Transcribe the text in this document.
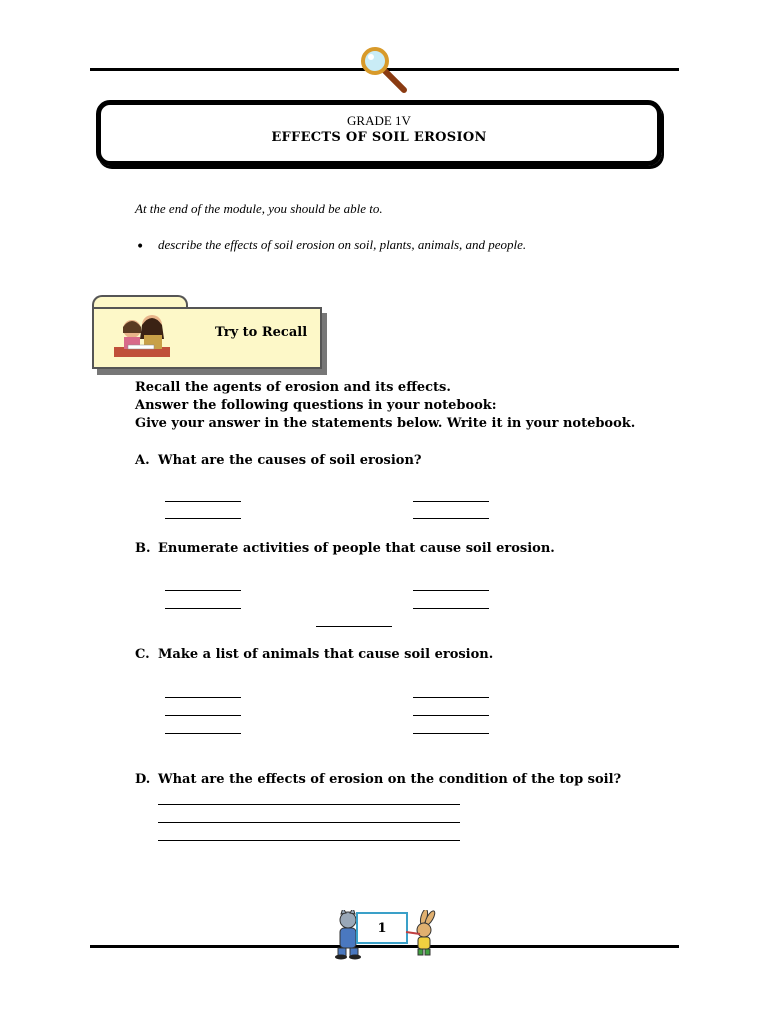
GRADE 1V
EFFECTS OF SOIL EROSION
At the end of the module, you should be able to.
• describe the effects of soil erosion on soil, plants, animals, and people.
Try to Recall
Recall the agents of erosion and its effects.
Answer the following questions in your notebook:
Give your answer in the statements below. Write it in your notebook.
A. What are the causes of soil erosion?
B. Enumerate activities of people that cause soil erosion.
C. Make a list of animals that cause soil erosion.
D. What are the effects of erosion on the condition of the top soil?
1
